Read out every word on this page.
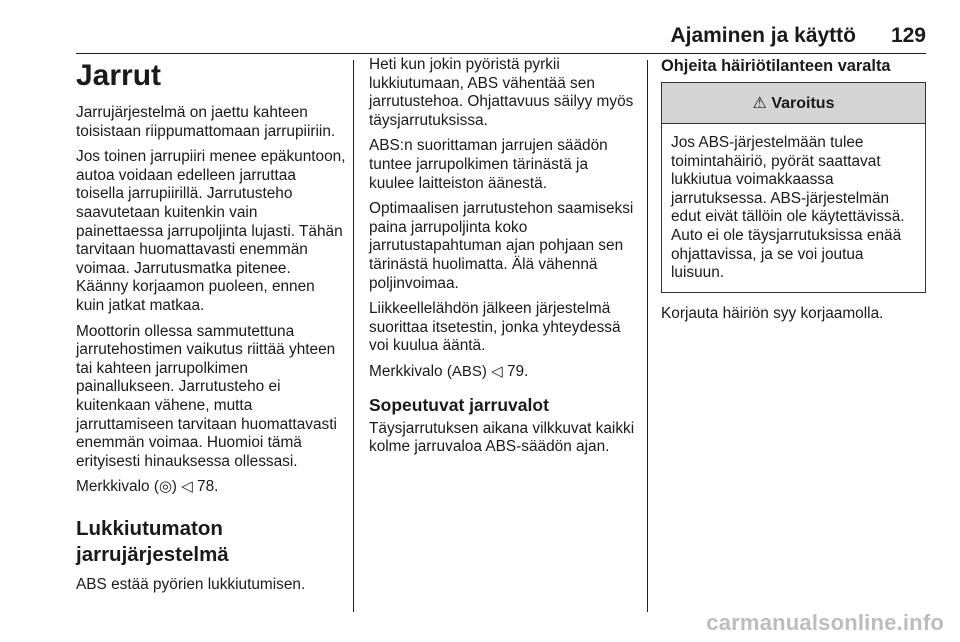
Ajaminen ja käyttö 129
Jarrut

Jarrujärjestelmä on jaettu kahteen toisistaan riippumattomaan jarrupiiriin.

Jos toinen jarrupiiri menee epäkuntoon, autoa voidaan edelleen jarruttaa toisella jarrupiirillä. Jarrutusteho saavutetaan kuitenkin vain painettaessa jarrupoljinta lujasti. Tähän tarvitaan huomattavasti enemmän voimaa. Jarrutusmatka pitenee. Käänny korjaamon puoleen, ennen kuin jatkat matkaa.

Moottorin ollessa sammutettuna jarrutehostimen vaikutus riittää yhteen tai kahteen jarrupolkimen painallukseen. Jarrutusteho ei kuitenkaan vähene, mutta jarruttamiseen tarvitaan huomattavasti enemmän voimaa. Huomioi tämä erityisesti hinauksessa ollessasi.

Merkkivalo (◎) ◁ 78.

Lukkiutumaton jarrujärjestelmä

ABS estää pyörien lukkiutumisen.

Heti kun jokin pyöristä pyrkii lukkiutumaan, ABS vähentää sen jarrutustehoa. Ohjattavuus säilyy myös täysjarrutuksissa.

ABS:n suorittaman jarrujen säädön tuntee jarrupolkimen tärinästä ja kuulee laitteiston äänestä.

Optimaalisen jarrutustehon saamiseksi paina jarrupoljinta koko jarrutustapahtuman ajan pohjaan sen tärinästä huolimatta. Älä vähennä poljinvoimaa.

Liikkeellelähdön jälkeen järjestelmä suorittaa itsetestin, jonka yhteydessä voi kuulua ääntä.

Merkkivalo (ABS) ◁ 79.

Sopeutuvat jarruvalot

Täysjarrutuksen aikana vilkkuvat kaikki kolme jarruvaloa ABS-säädön ajan.

Ohjeita häiriötilanteen varalta
⚠ Varoitus
Jos ABS-järjestelmään tulee toimintahäiriö, pyörät saattavat lukkiutua voimakkaassa jarrutuksessa. ABS-järjestelmän edut eivät tällöin ole käytettävissä. Auto ei ole täysjarrutuksissa enää ohjattavissa, ja se voi joutua luisuun.

Korjauta häiriön syy korjaamolla.

carmanualsonline.info
